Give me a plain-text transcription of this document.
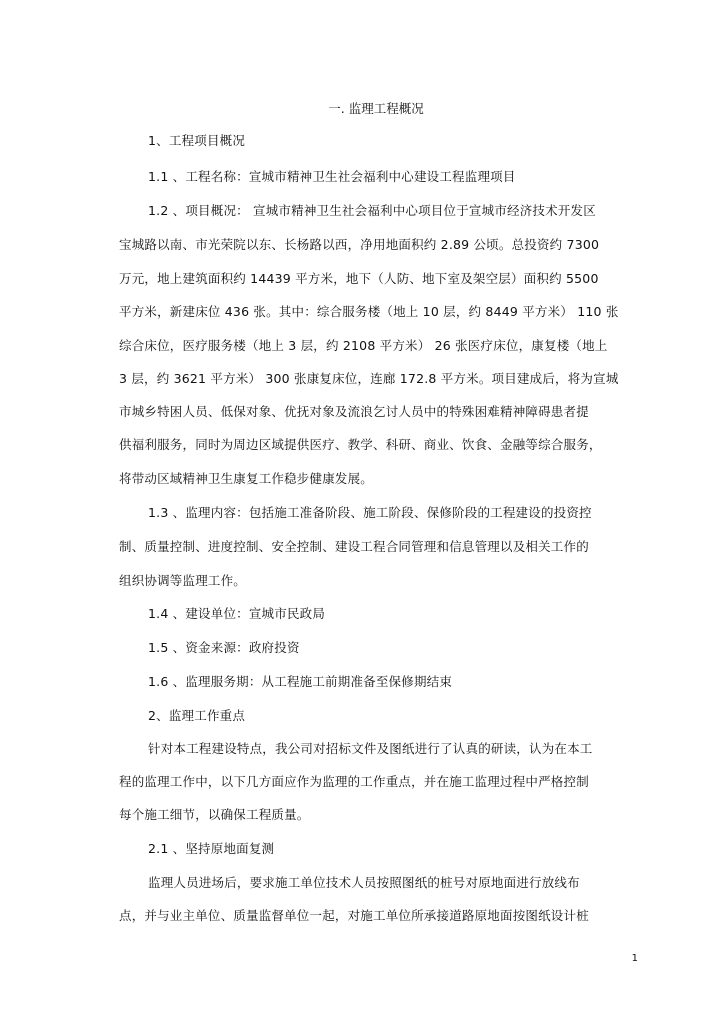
一. 监理工程概况
1、工程项目概况
1.1 、工程名称：宣城市精神卫生社会福利中心建设工程监理项目
1.2 、项目概况： 宣城市精神卫生社会福利中心项目位于宣城市经济技术开发区
宝城路以南、市光荣院以东、长杨路以西，净用地面积约 2.89 公顷。总投资约 7300
万元，地上建筑面积约 14439 平方米，地下（人防、地下室及架空层）面积约 5500
平方米，新建床位 436 张。其中：综合服务楼（地上 10 层，约 8449 平方米） 110 张
综合床位，医疗服务楼（地上 3 层，约 2108 平方米） 26 张医疗床位，康复楼（地上
3 层，约 3621 平方米） 300 张康复床位，连廊 172.8 平方米。项目建成后，将为宣城
市城乡特困人员、低保对象、优抚对象及流浪乞讨人员中的特殊困难精神障碍患者提
供福利服务，同时为周边区域提供医疗、教学、科研、商业、饮食、金融等综合服务，
将带动区域精神卫生康复工作稳步健康发展。
1.3 、监理内容：包括施工准备阶段、施工阶段、保修阶段的工程建设的投资控
制、质量控制、进度控制、安全控制、建设工程合同管理和信息管理以及相关工作的
组织协调等监理工作。
1.4 、建设单位：宣城市民政局
1.5 、资金来源：政府投资
1.6 、监理服务期：从工程施工前期准备至保修期结束
2、监理工作重点
针对本工程建设特点，我公司对招标文件及图纸进行了认真的研读，认为在本工
程的监理工作中，以下几方面应作为监理的工作重点，并在施工监理过程中严格控制
每个施工细节，以确保工程质量。
2.1 、坚持原地面复测
监理人员进场后，要求施工单位技术人员按照图纸的桩号对原地面进行放线布
点，并与业主单位、质量监督单位一起，对施工单位所承接道路原地面按图纸设计桩
1
